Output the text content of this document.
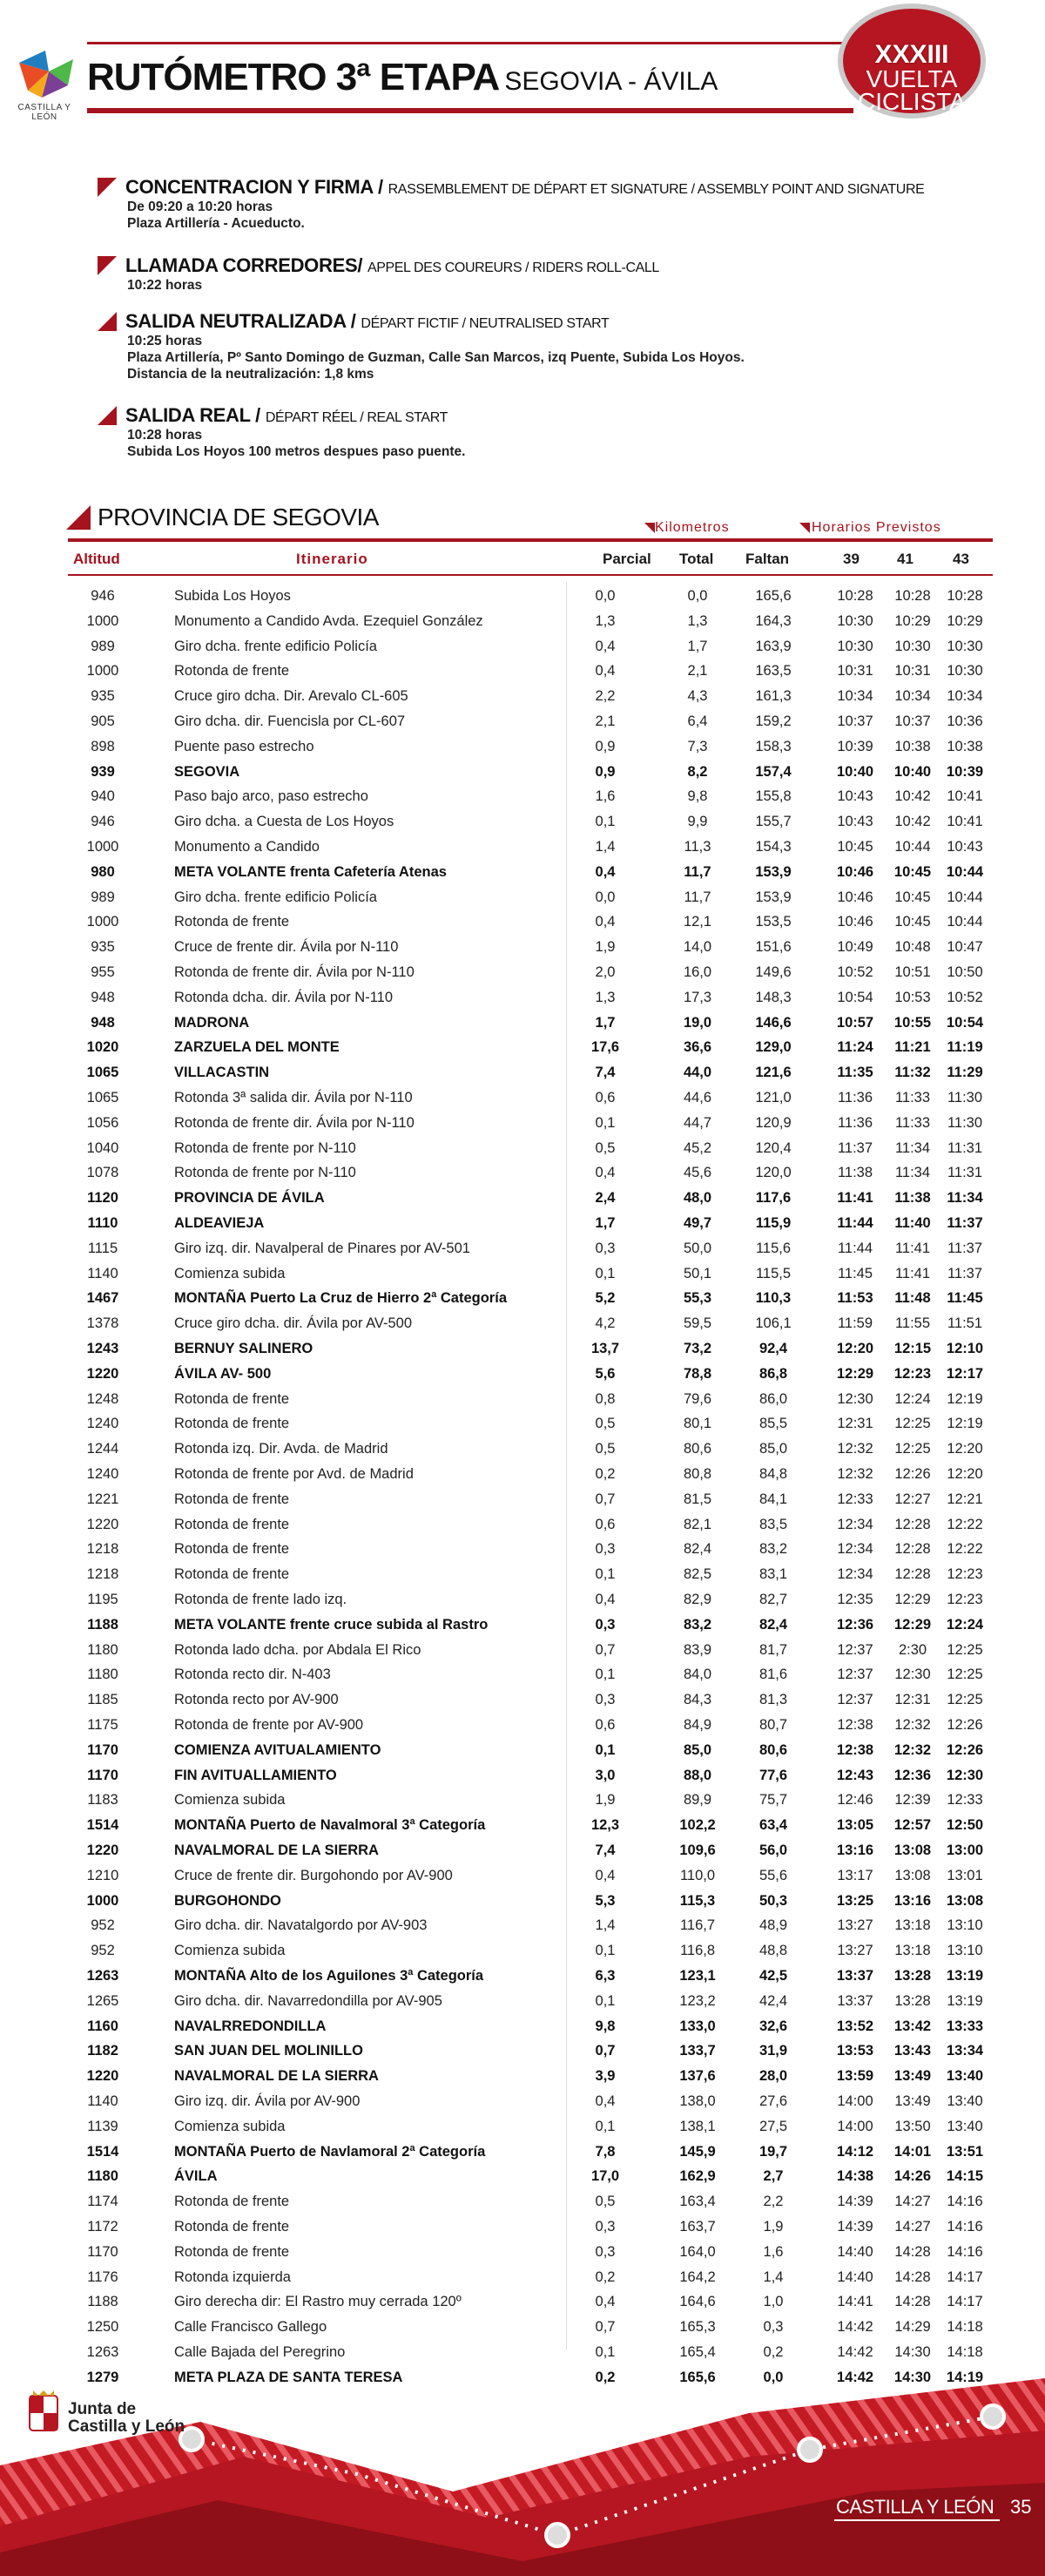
CASTILLA Y LEÓN
RUTÓMETRO 3ª ETAPA SEGOVIA - ÁVILA
XXXIII
VUELTA
CICLISTA
CONCENTRACION Y FIRMA / RASSEMBLEMENT DE DÉPART ET SIGNATURE / ASSEMBLY POINT AND SIGNATURE
De 09:20 a 10:20 horas
Plaza Artillería - Acueducto.
LLAMADA CORREDORES/ APPEL DES COUREURS / RIDERS ROLL-CALL
10:22 horas
SALIDA NEUTRALIZADA / DÉPART FICTIF / NEUTRALISED START
10:25 horas
Plaza Artillería, Pº Santo Domingo de Guzman, Calle San Marcos, izq Puente, Subida Los Hoyos.
Distancia de la neutralización: 1,8 kms
SALIDA REAL / DÉPART RÉEL / REAL START
10:28 horas
Subida Los Hoyos 100 metros despues paso puente.
PROVINCIA DE SEGOVIA	Kilometros	Horarios Previstos
Altitud	Itinerario	Parcial Total Faltan	39	41	43
946	Subida Los Hoyos	0,0	0,0	165,6	10:28	10:28	10:28
1000	Monumento a Candido Avda. Ezequiel González	1,3	1,3	164,3	10:30	10:29	10:29
989	Giro dcha. frente edificio Policía	0,4	1,7	163,9	10:30	10:30	10:30
1000	Rotonda de frente	0,4	2,1	163,5	10:31	10:31	10:30
935	Cruce giro dcha. Dir. Arevalo CL-605	2,2	4,3	161,3	10:34	10:34	10:34
905	Giro dcha. dir. Fuencisla por CL-607	2,1	6,4	159,2	10:37	10:37	10:36
898	Puente paso estrecho	0,9	7,3	158,3	10:39	10:38	10:38
939	SEGOVIA	0,9	8,2	157,4	10:40	10:40	10:39
940	Paso bajo arco, paso estrecho	1,6	9,8	155,8	10:43	10:42	10:41
946	Giro dcha. a Cuesta de Los Hoyos	0,1	9,9	155,7	10:43	10:42	10:41
1000	Monumento a Candido	1,4	11,3	154,3	10:45	10:44	10:43
980	META VOLANTE frenta Cafetería Atenas	0,4	11,7	153,9	10:46	10:45	10:44
989	Giro dcha. frente edificio Policía	0,0	11,7	153,9	10:46	10:45	10:44
1000	Rotonda de frente	0,4	12,1	153,5	10:46	10:45	10:44
935	Cruce de frente dir. Ávila por N-110	1,9	14,0	151,6	10:49	10:48	10:47
955	Rotonda de frente dir. Ávila por N-110	2,0	16,0	149,6	10:52	10:51	10:50
948	Rotonda dcha. dir. Ávila por N-110	1,3	17,3	148,3	10:54	10:53	10:52
948	MADRONA	1,7	19,0	146,6	10:57	10:55	10:54
1020	ZARZUELA DEL MONTE	17,6	36,6	129,0	11:24	11:21	11:19
1065	VILLACASTIN	7,4	44,0	121,6	11:35	11:32	11:29
1065	Rotonda 3ª salida dir. Ávila por N-110	0,6	44,6	121,0	11:36	11:33	11:30
1056	Rotonda de frente dir. Ávila por N-110	0,1	44,7	120,9	11:36	11:33	11:30
1040	Rotonda de frente por N-110	0,5	45,2	120,4	11:37	11:34	11:31
1078	Rotonda de frente por N-110	0,4	45,6	120,0	11:38	11:34	11:31
1120	PROVINCIA DE ÁVILA	2,4	48,0	117,6	11:41	11:38	11:34
1110	ALDEAVIEJA	1,7	49,7	115,9	11:44	11:40	11:37
1115	Giro izq. dir. Navalperal de Pinares por AV-501	0,3	50,0	115,6	11:44	11:41	11:37
1140	Comienza subida	0,1	50,1	115,5	11:45	11:41	11:37
1467	MONTAÑA Puerto La Cruz de Hierro 2ª Categoría	5,2	55,3	110,3	11:53	11:48	11:45
1378	Cruce giro dcha. dir. Ávila por AV-500	4,2	59,5	106,1	11:59	11:55	11:51
1243	BERNUY SALINERO	13,7	73,2	92,4	12:20	12:15	12:10
1220	ÁVILA AV- 500	5,6	78,8	86,8	12:29	12:23	12:17
1248	Rotonda de frente	0,8	79,6	86,0	12:30	12:24	12:19
1240	Rotonda de frente	0,5	80,1	85,5	12:31	12:25	12:19
1244	Rotonda izq. Dir. Avda. de Madrid	0,5	80,6	85,0	12:32	12:25	12:20
1240	Rotonda de frente por Avd. de Madrid	0,2	80,8	84,8	12:32	12:26	12:20
1221	Rotonda de frente	0,7	81,5	84,1	12:33	12:27	12:21
1220	Rotonda de frente	0,6	82,1	83,5	12:34	12:28	12:22
1218	Rotonda de frente	0,3	82,4	83,2	12:34	12:28	12:22
1218	Rotonda de frente	0,1	82,5	83,1	12:34	12:28	12:23
1195	Rotonda de frente lado izq.	0,4	82,9	82,7	12:35	12:29	12:23
1188	META VOLANTE frente cruce subida al Rastro	0,3	83,2	82,4	12:36	12:29	12:24
1180	Rotonda lado dcha. por Abdala El Rico	0,7	83,9	81,7	12:37	2:30	12:25
1180	Rotonda recto dir. N-403	0,1	84,0	81,6	12:37	12:30	12:25
1185	Rotonda recto por AV-900	0,3	84,3	81,3	12:37	12:31	12:25
1175	Rotonda de frente por AV-900	0,6	84,9	80,7	12:38	12:32	12:26
1170	COMIENZA AVITUALAMIENTO	0,1	85,0	80,6	12:38	12:32	12:26
1170	FIN AVITUALLAMIENTO	3,0	88,0	77,6	12:43	12:36	12:30
1183	Comienza subida	1,9	89,9	75,7	12:46	12:39	12:33
1514	MONTAÑA Puerto de Navalmoral 3ª Categoría	12,3	102,2	63,4	13:05	12:57	12:50
1220	NAVALMORAL DE LA SIERRA	7,4	109,6	56,0	13:16	13:08	13:00
1210	Cruce de frente dir. Burgohondo por AV-900	0,4	110,0	55,6	13:17	13:08	13:01
1000	BURGOHONDO	5,3	115,3	50,3	13:25	13:16	13:08
952	Giro dcha. dir. Navatalgordo por AV-903	1,4	116,7	48,9	13:27	13:18	13:10
952	Comienza subida	0,1	116,8	48,8	13:27	13:18	13:10
1263	MONTAÑA Alto de los Aguilones 3ª Categoría	6,3	123,1	42,5	13:37	13:28	13:19
1265	Giro dcha. dir. Navarredondilla por AV-905	0,1	123,2	42,4	13:37	13:28	13:19
1160	NAVALRREDONDILLA	9,8	133,0	32,6	13:52	13:42	13:33
1182	SAN JUAN DEL MOLINILLO	0,7	133,7	31,9	13:53	13:43	13:34
1220	NAVALMORAL DE LA SIERRA	3,9	137,6	28,0	13:59	13:49	13:40
1140	Giro izq. dir. Ávila por AV-900	0,4	138,0	27,6	14:00	13:49	13:40
1139	Comienza subida	0,1	138,1	27,5	14:00	13:50	13:40
1514	MONTAÑA Puerto de Navlamoral 2ª Categoría	7,8	145,9	19,7	14:12	14:01	13:51
1180	ÁVILA	17,0	162,9	2,7	14:38	14:26	14:15
1174	Rotonda de frente	0,5	163,4	2,2	14:39	14:27	14:16
1172	Rotonda de frente	0,3	163,7	1,9	14:39	14:27	14:16
1170	Rotonda de frente	0,3	164,0	1,6	14:40	14:28	14:16
1176	Rotonda izquierda	0,2	164,2	1,4	14:40	14:28	14:17
1188	Giro derecha dir: El Rastro muy cerrada 120º	0,4	164,6	1,0	14:41	14:28	14:17
1250	Calle Francisco Gallego	0,7	165,3	0,3	14:42	14:29	14:18
1263	Calle Bajada del Peregrino	0,1	165,4	0,2	14:42	14:30	14:18
1279	META PLAZA DE SANTA TERESA	0,2	165,6	0,0	14:42	14:30	14:19
Junta de
Castilla y León
CASTILLA Y LEÓN 35
